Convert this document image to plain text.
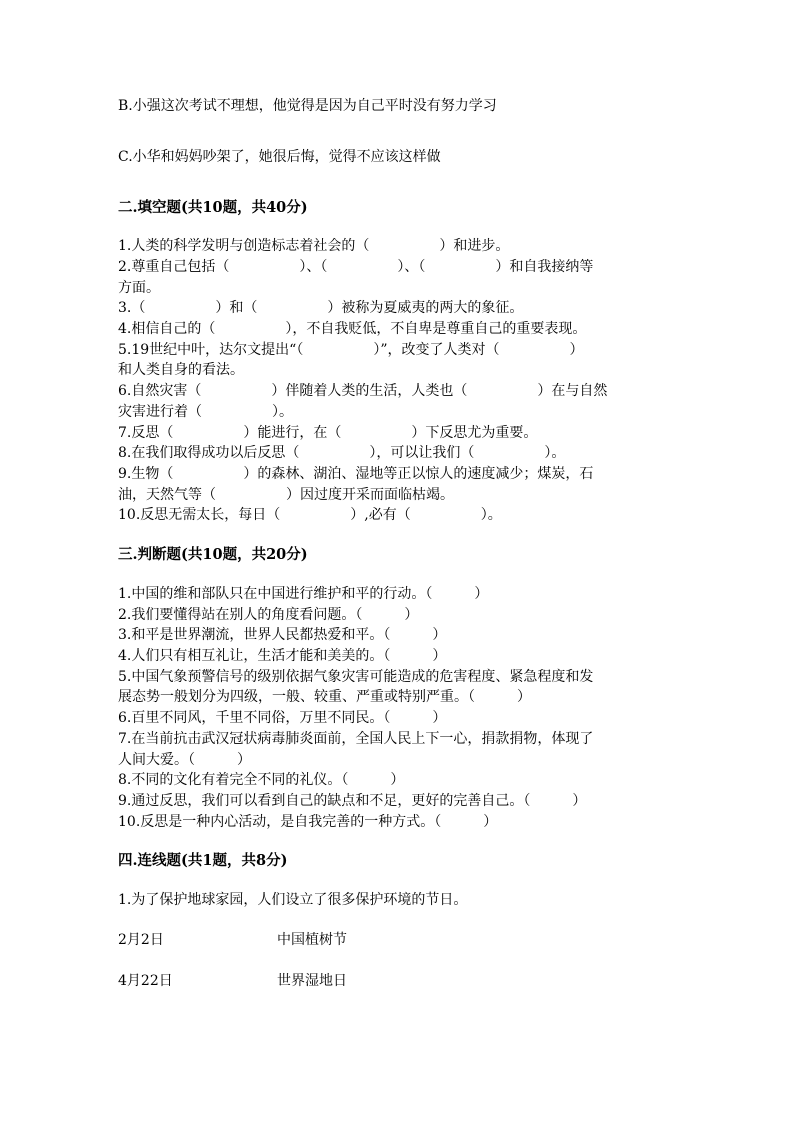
B.小强这次考试不理想，他觉得是因为自己平时没有努力学习
C.小华和妈妈吵架了，她很后悔，觉得不应该这样做
二.填空题(共10题，共40分)
1.人类的科学发明与创造标志着社会的（　　　　　）和进步。
2.尊重自己包括（　　　　　）、（　　　　　）、（　　　　　）和自我接纳等
方面。
3.（　　　　　）和（　　　　　）被称为夏威夷的两大的象征。
4.相信自己的（　　　　　），不自我贬低，不自卑是尊重自己的重要表现。
5.19世纪中叶，达尔文提出“（　　　　　）”，改变了人类对（　　　　　）
和人类自身的看法。
6.自然灾害（　　　　　）伴随着人类的生活，人类也（　　　　　）在与自然
灾害进行着（　　　　　）。
7.反思（　　　　　）能进行，在（　　　　　）下反思尤为重要。
8.在我们取得成功以后反思（　　　　　），可以让我们（　　　　　）。
9.生物（　　　　　）的森林、湖泊、湿地等正以惊人的速度减少；煤炭，石
油，天然气等（　　　　　）因过度开采而面临枯竭。
10.反思无需太长，每日（　　　　　）,必有（　　　　　）。
三.判断题(共10题，共20分)
1.中国的维和部队只在中国进行维护和平的行动。（　　　）
2.我们要懂得站在别人的角度看问题。（　　　）
3.和平是世界潮流，世界人民都热爱和平。（　　　）
4.人们只有相互礼让，生活才能和美美的。（　　　）
5.中国气象预警信号的级别依据气象灾害可能造成的危害程度、紧急程度和发
展态势一般划分为四级，一般、较重、严重或特别严重。（　　　）
6.百里不同风，千里不同俗，万里不同民。（　　　）
7.在当前抗击武汉冠状病毒肺炎面前，全国人民上下一心，捐款捐物，体现了
人间大爱。（　　　）
8.不同的文化有着完全不同的礼仪。（　　　）
9.通过反思，我们可以看到自己的缺点和不足，更好的完善自己。（　　　）
10.反思是一种内心活动，是自我完善的一种方式。（　　　）
四.连线题(共1题，共8分)
1.为了保护地球家园，人们设立了很多保护环境的节日。
2月2日	中国植树节
4月22日	世界湿地日
